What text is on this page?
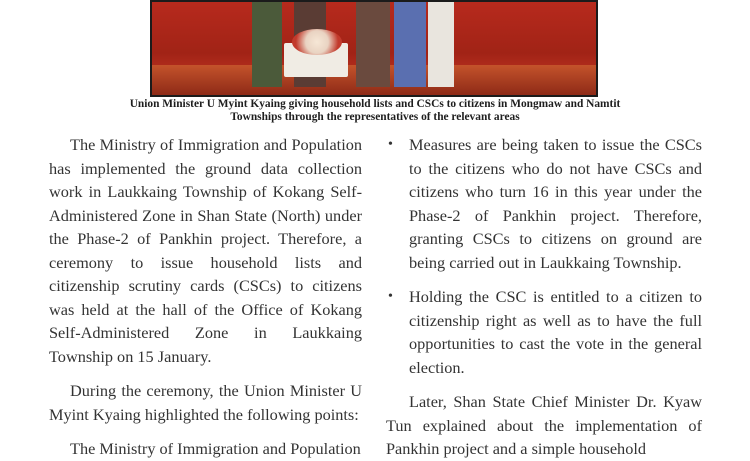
Union Minister U Myint Kyaing giving household lists and CSCs to citizens in Mongmaw and Namtit
Townships through the representatives of the relevant areas

The Ministry of Immigration and Population has implemented the ground data collection work in Laukkaing Township of Kokang Self-Administered Zone in Shan State (North) under the Phase-2 of Pankhin project. Therefore, a ceremony to issue household lists and citizenship scrutiny cards (CSCs) to citizens was held at the hall of the Office of Kokang Self-Administered Zone in Laukkaing Township on 15 January.

During the ceremony, the Union Minister U Myint Kyaing highlighted the following points:

The Ministry of Immigration and Population

• Measures are being taken to issue the CSCs to the citizens who do not have CSCs and citizens who turn 16 in this year under the Phase-2 of Pankhin project. Therefore, granting CSCs to citizens on ground are being carried out in Laukkaing Township.
• Holding the CSC is entitled to a citizen to citizenship right as well as to have the full opportunities to cast the vote in the general election.

Later, Shan State Chief Minister Dr. Kyaw Tun explained about the implementation of Pankhin project and a simple household
